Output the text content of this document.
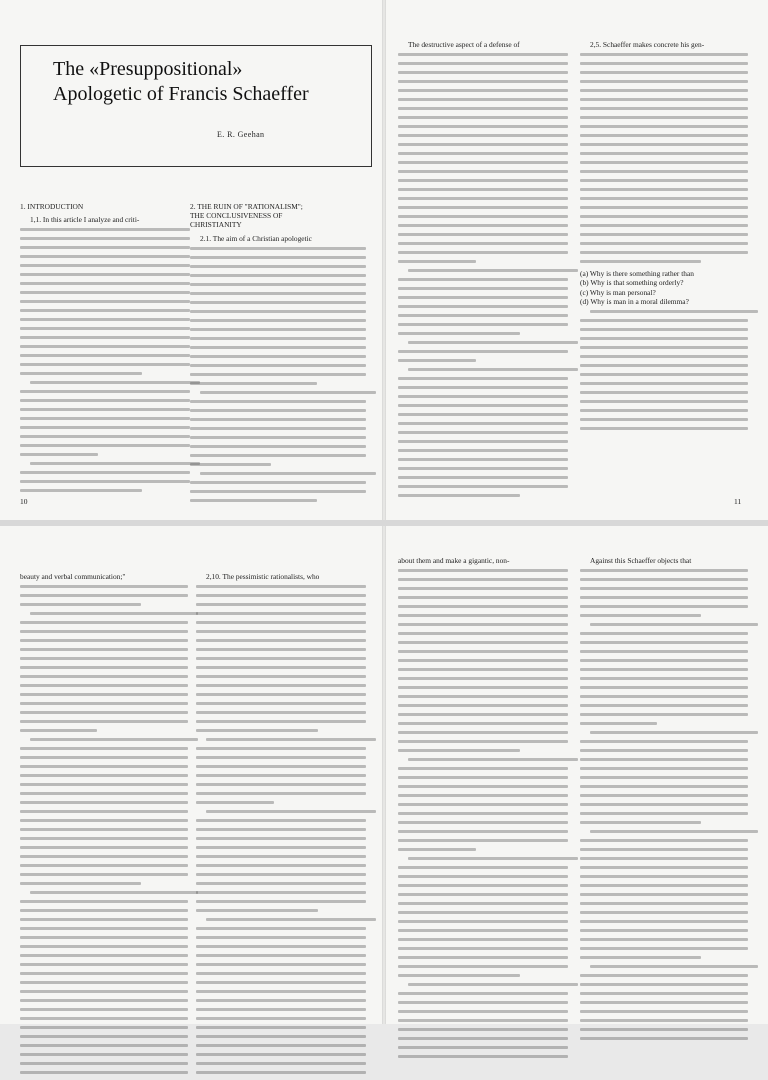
The «Presuppositional»
Apologetic of Francis Schaeffer
E. R. Geehan
1. INTRODUCTION
1,1. In this article I analyze and criti-
2. THE RUIN OF "RATIONALISM";
THE CONCLUSIVENESS OF
CHRISTIANITY
2.1. The aim of a Christian apologetic
10
The destructive aspect of a defense of	2,5. Schaeffer makes concrete his gen-
(a) Why is there something rather than
(b) Why is that something orderly?
(c) Why is man personal?
(d) Why is man in a moral dilemma?
11
beauty and verbal communication;"	2,10. The pessimistic rationalists, who
about them and make a gigantic, non-	Against this Schaeffer objects that
